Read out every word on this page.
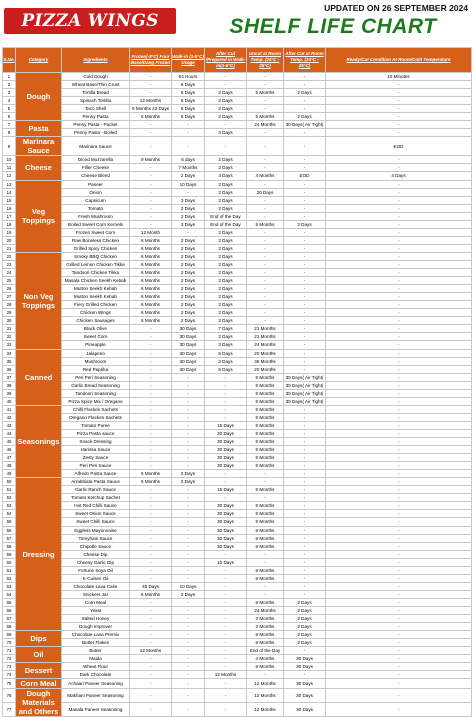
PIZZA WINGS
UPDATED ON 26 SEPTEMBER 2024
SHELF LIFE CHART
S.No.	Category	Ingredients	Frozen(-8°C) Four Base/Dang Frozen	Walk-in (1-5°C) Usage	After Cut /Prepared in Walk-in(1-5°C)	Uncut at Room Temp. (24°C - 25°C)	After Cut at Room Temp. (24°C - 25°C)	Ready/Cut Condition At Room/Cold Temperature	
1	Dough	Cold Dough	-	54 Hours	-	-	-	10 Minutes	
2		Wheat Base/Thin Crust	-	6 Days	-	-	-	-	
3		Tortilla Bread	-	5 Days	2 Days	5 Months	2 Days	-	
4		Spinach Tortilla	12 Months	5 Days	2 Days	-	-	-	
5		Taco Shell	5 Months 22 Days	5 Days	2 Days	-	-	-	
6		Penny Pasta	5 Months	5 Days	2 Days	5 Months	2 Days	-	
7	Pasta	Penny Pasta - Packet	-	-	-	24 Months	30 Days( Air Tight)	-	
8		Penny Pasta - Boiled	-	-	3 Days	-	-	-	
9	Marinara Sauce	Marinara Sauce	-	-	-	-	-	EOD	
10	Cheese	Diced Mozzarella	9 Months	5 days	2 Days	-	-	-	
11		Filler Cheese	-	7 Months	2 Days	-	-	-	
12		Cheese Blend	-	2 Days	4 Days	4 Months	EOD	4 Days	
13	Veg Toppings	Paneer	-	10 Days	2 Days	-	-	-	
14		Onion	-	-	2 Days	20 Days	-	-	
15		Capsicum	-	3 Days	2 Days	-	-	-	
16		Tomato	-	2 Days	2 Days	-	-	-	
17		Fresh Mushroom	-	2 Days	End of the Day	-	-	-	
18		Boiled Sweet Corn Kernels	-	3 Days	End of the Day	5 Months	2 Days	-	
19		Frozen Sweet Corn	12 Month	-	2 Days	-	-	-	
20		Raw Boneless Chicken	6 Months	2 Days	2 Days	-	-	-	
21		Grilled Spicy Chicken	6 Months	2 Days	2 Days	-	-	-	
22	Non Veg Toppings	Smoky BBQ Chicken	6 Months	2 Days	2 Days	-	-	-	
23		Grilled Lemon Chicken Tikka	6 Months	2 Days	2 Days	-	-	-	
24		Tandoori Chicken Tikka	6 Months	2 Days	2 Days	-	-	-	
25		Masala Chicken Seekh Kebab	6 Months	2 Days	2 Days	-	-	-	
26		Mutton Seekh Kebab	6 Months	2 Days	2 Days	-	-	-	
27		Mutton Seekh Kebab	6 Months	2 Days	2 Days	-	-	-	
28		Fiery Grilled Chicken	6 Months	2 Days	2 Days	-	-	-	
29		Chicken Wings	6 Months	2 Days	2 Days	-	-	-	
30		Chicken Sausages	6 Months	2 Days	2 Days	-	-	-	
31		Black Olive	-	30 Days	7 Days	21 Months	-	-	
32		Sweet Corn	-	30 Days	2 Days	21 Months	-	-	
33		Pineapple	-	30 Days	3 Days	24 Months	-	-	
34	Canned	Jalapeno	-	30 Days	5 Days	20 Months	-	-	
35		Mushroom	-	30 Days	2 Days	36 Months	-	-	
36		Red Paprika	-	30 Days	5 Days	20 Months	-	-	
37		Peri Peri Seasoning	-	-	-	6 Months	30 Days( Air Tight)	-	
38		Garlic Bread Seasoning	-	-	-	6 Months	30 Days( Air Tight)	-	
39		Tandoori Seasoning	-	-	-	6 Months	30 Days( Air Tight)	-	
40		Pizza Spice Mix / Oregano	-	-	-	6 Months	30 Days( Air Tight)	-	
41	Seasonings	Chilli Flackes Sachets	-	-	-	6 Months	-	-	
42		Oregano Flackes Sachets	-	-	-	6 Months	-	-	
43		Tomato Puree	-	-	15 Days	6 Months	-	-	
44		Pizza Pasta sauce	-	-	20 Days	6 Months	-	-	
45		Snack Dressing	-	-	30 Days	6 Months	-	-	
46		Harissa Sauce	-	-	30 Days	6 Months	-	-	
47		Zesty Sauce	-	-	30 Days	6 Months	-	-	
48		Peri Peri Sauce	-	-	30 Days	6 Months	-	-	
49		Alfredo Pasta Sauce	6 Months	2 Days	-	-	-	-	
50	Dressing	Arrabbiata Pasta Sauce	6 Months	2 Days	-	-	-	-	
51		Garlic Ranch Sauce	-	-	15 Days	6 Months	-	-	
52		Tomato Ketchup Sachet	-	-	-	-	-	-	
53		Hot Red Chilli Sauce	-	-	30 Days	6 Months	-	-	
54		Sweet Onion Sauce	-	-	30 Days	6 Months	-	-	
55		Sweet Chilli Sauce	-	-	30 Days	6 Months	-	-	
56		Eggless Mayonnaise	-	-	30 Days	6 Months	-	-	
57		Tomyhani Sauce	-	-	30 Days	6 Months	-	-	
58		Chipotle Sauce	-	-	30 Days	6 Months	-	-	
59		Cheese Dip	-	-	-	-	-	-	
60		Cheesy Garlic Dip	-	-	10 Days	-	-	-	
61		Fortune Soya Oil	-	-	-	6 Months	-	-	
62		K-Cuisen Oil	-	-	-	6 Months	-	-	
63		Chocolate Lava Cake	45 Days	10 Days	-	-	-	-	
64		Snickers Jar	6 Months	2 Days	-	-	-	-	
65		Corn Meal	-	-	-	6 Months	2 Days	-	
66		Yeast	-	-	-	24 Months	2 Days	-	
67		Salted Honey	-	-	-	3 Months	2 Days	-	
68		Dough Improver	-	-	-	2 Months	2 Days	-	
69	Dips	Chocolate Lava Premix	-	-	-	6 Months	2 Days	-	
70		Butter Flakes	-	-	-	6 Months	2 Days	-	
71	Oil	Butter	12 Months	-	-	End of the Day	-	-	
72		Maida	-	-	-	4 Months	30 Days	-	
73	Dessert	Wheat Flour	-	-	-	6 Months	30 Days	-	
74		Dark Chocolate	-	-	12 Months	-	-	-	
75	Corn Meal	Achaari Paneer Seasoning	-	-	-	12 Months	30 Days	-	
76	Dough Materials and Others	Makhani Paneer Seasoning	-	-	-	12 Months	30 Days	-	
77		Masala Paneer Seasoning	-	-	-	12 Months	30 Days	-	
